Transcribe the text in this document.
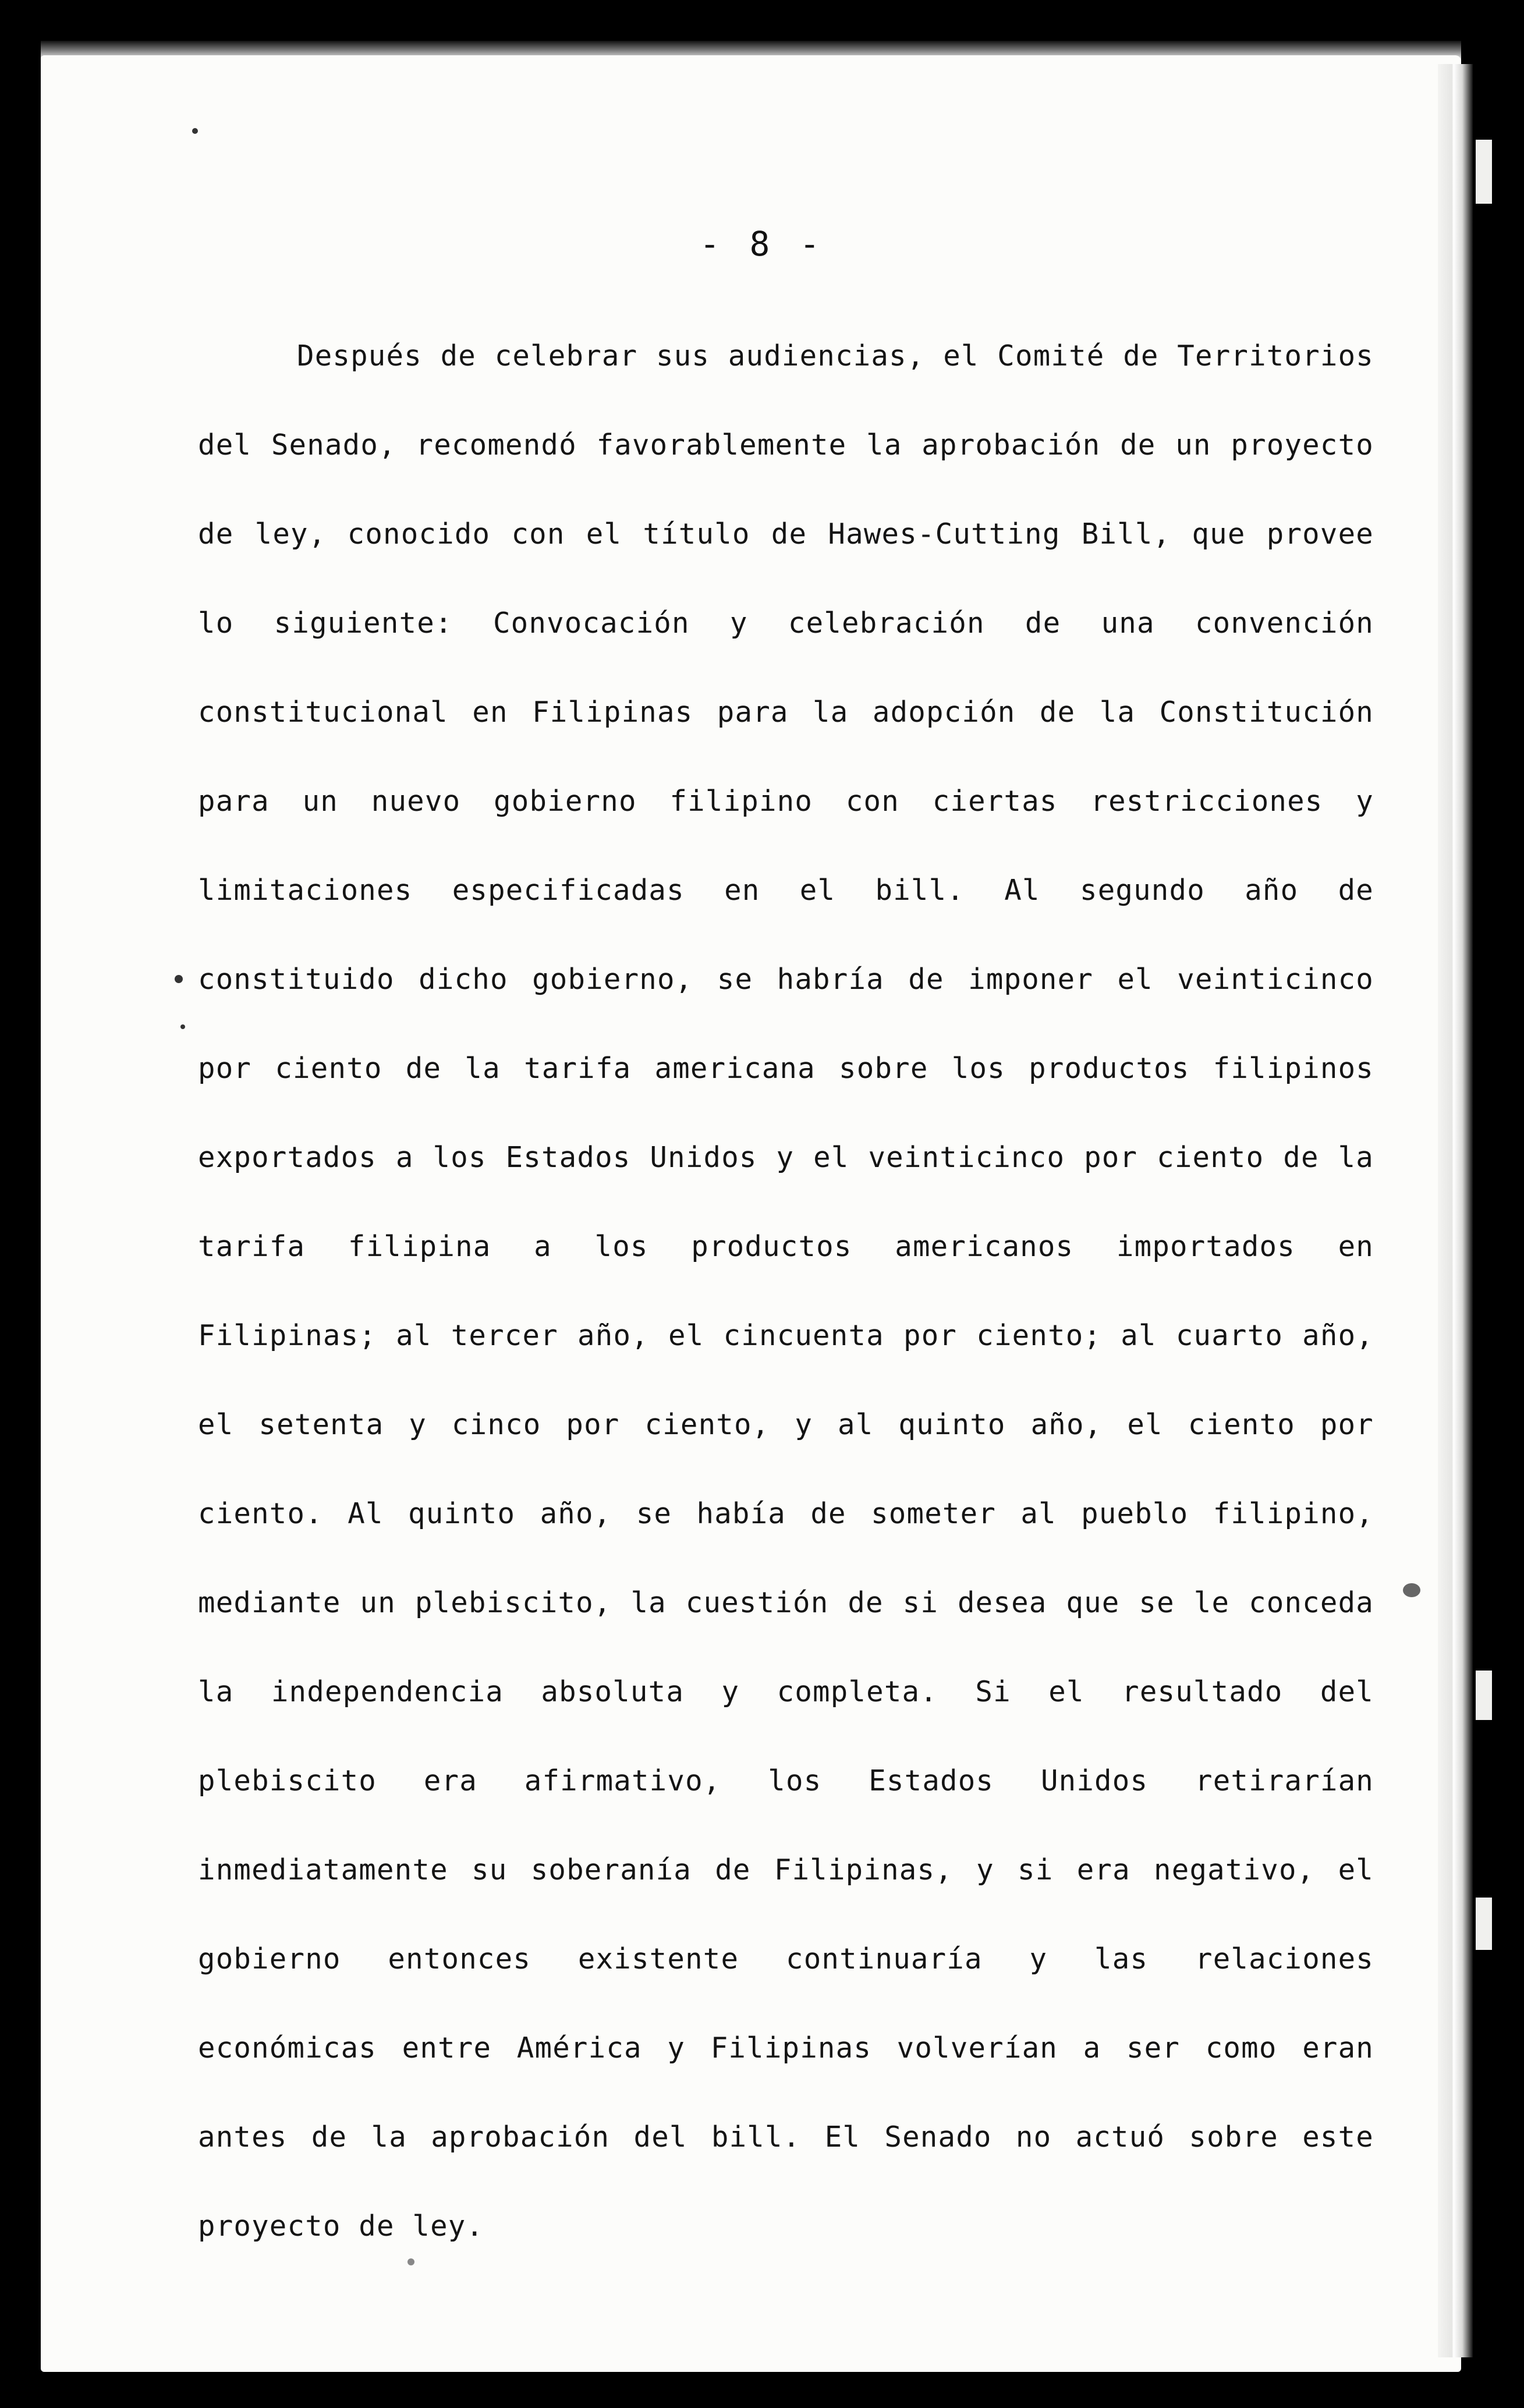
- 8 -

Después de celebrar sus audiencias, el Comité de Territorios del Senado, recomendó favorablemente la aprobación de un proyecto de ley, conocido con el título de Hawes-Cutting Bill, que provee lo siguiente: Convocación y celebración de una convención constitucional en Filipinas para la adopción de la Constitución para un nuevo gobierno filipino con ciertas restricciones y limitaciones especificadas en el bill. Al segundo año de constituido dicho gobierno, se habría de imponer el veinticinco por ciento de la tarifa americana sobre los productos filipinos exportados a los Estados Unidos y el veinticinco por ciento de la tarifa filipina a los productos americanos importados en Filipinas; al tercer año, el cincuenta por ciento; al cuarto año, el setenta y cinco por ciento, y al quinto año, el ciento por ciento. Al quinto año, se había de someter al pueblo filipino, mediante un plebiscito, la cuestión de si desea que se le conceda la independencia absoluta y completa. Si el resultado del plebiscito era afirmativo, los Estados Unidos retirarían inmediatamente su soberanía de Filipinas, y si era negativo, el gobierno entonces existente continuaría y las relaciones económicas entre América y Filipinas volverían a ser como eran antes de la aprobación del bill. El Senado no actuó sobre este proyecto de ley.
